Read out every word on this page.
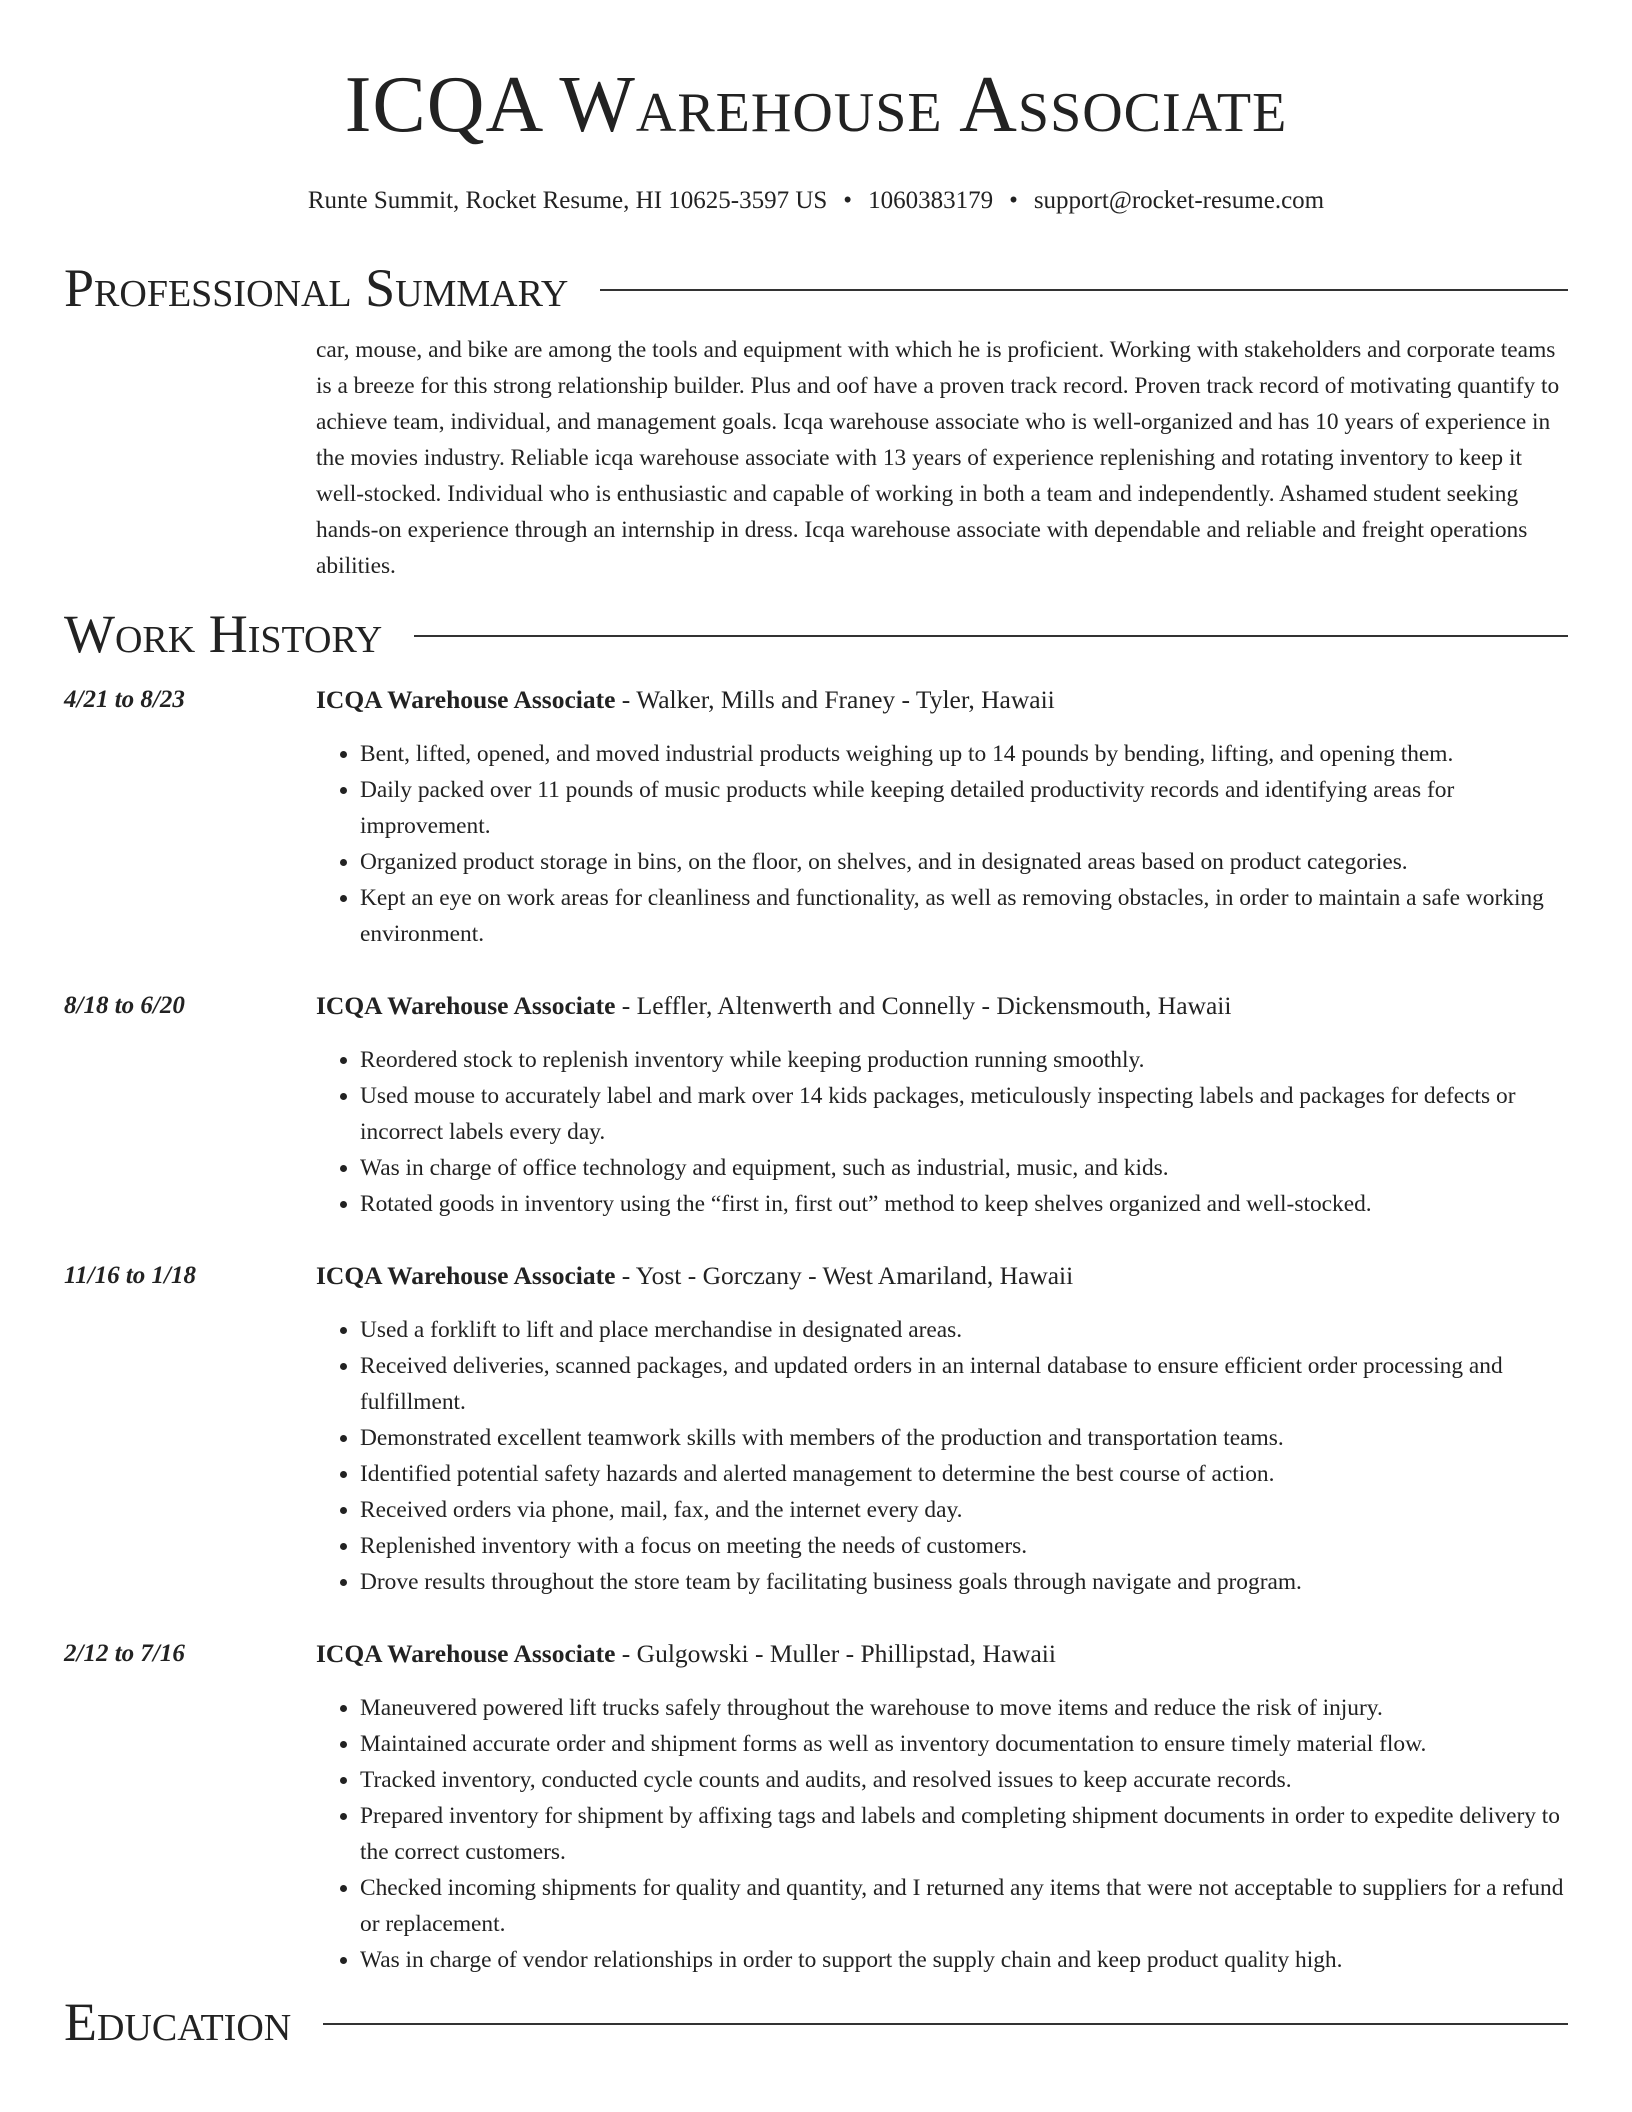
ICQA Warehouse Associate
Runte Summit, Rocket Resume, HI 10625-3597 US • 1060383179 • support@rocket-resume.com
Professional Summary
car, mouse, and bike are among the tools and equipment with which he is proficient. Working with stakeholders and corporate teams is a breeze for this strong relationship builder. Plus and oof have a proven track record. Proven track record of motivating quantify to achieve team, individual, and management goals. Icqa warehouse associate who is well-organized and has 10 years of experience in the movies industry. Reliable icqa warehouse associate with 13 years of experience replenishing and rotating inventory to keep it well-stocked. Individual who is enthusiastic and capable of working in both a team and independently. Ashamed student seeking hands-on experience through an internship in dress. Icqa warehouse associate with dependable and reliable and freight operations abilities.
Work History
4/21 to 8/23	ICQA Warehouse Associate - Walker, Mills and Franey - Tyler, Hawaii
• Bent, lifted, opened, and moved industrial products weighing up to 14 pounds by bending, lifting, and opening them.
• Daily packed over 11 pounds of music products while keeping detailed productivity records and identifying areas for improvement.
• Organized product storage in bins, on the floor, on shelves, and in designated areas based on product categories.
• Kept an eye on work areas for cleanliness and functionality, as well as removing obstacles, in order to maintain a safe working environment.
8/18 to 6/20	ICQA Warehouse Associate - Leffler, Altenwerth and Connelly - Dickensmouth, Hawaii
• Reordered stock to replenish inventory while keeping production running smoothly.
• Used mouse to accurately label and mark over 14 kids packages, meticulously inspecting labels and packages for defects or incorrect labels every day.
• Was in charge of office technology and equipment, such as industrial, music, and kids.
• Rotated goods in inventory using the “first in, first out” method to keep shelves organized and well-stocked.
11/16 to 1/18	ICQA Warehouse Associate - Yost - Gorczany - West Amariland, Hawaii
• Used a forklift to lift and place merchandise in designated areas.
• Received deliveries, scanned packages, and updated orders in an internal database to ensure efficient order processing and fulfillment.
• Demonstrated excellent teamwork skills with members of the production and transportation teams.
• Identified potential safety hazards and alerted management to determine the best course of action.
• Received orders via phone, mail, fax, and the internet every day.
• Replenished inventory with a focus on meeting the needs of customers.
• Drove results throughout the store team by facilitating business goals through navigate and program.
2/12 to 7/16	ICQA Warehouse Associate - Gulgowski - Muller - Phillipstad, Hawaii
• Maneuvered powered lift trucks safely throughout the warehouse to move items and reduce the risk of injury.
• Maintained accurate order and shipment forms as well as inventory documentation to ensure timely material flow.
• Tracked inventory, conducted cycle counts and audits, and resolved issues to keep accurate records.
• Prepared inventory for shipment by affixing tags and labels and completing shipment documents in order to expedite delivery to the correct customers.
• Checked incoming shipments for quality and quantity, and I returned any items that were not acceptable to suppliers for a refund or replacement.
• Was in charge of vendor relationships in order to support the supply chain and keep product quality high.
Education
